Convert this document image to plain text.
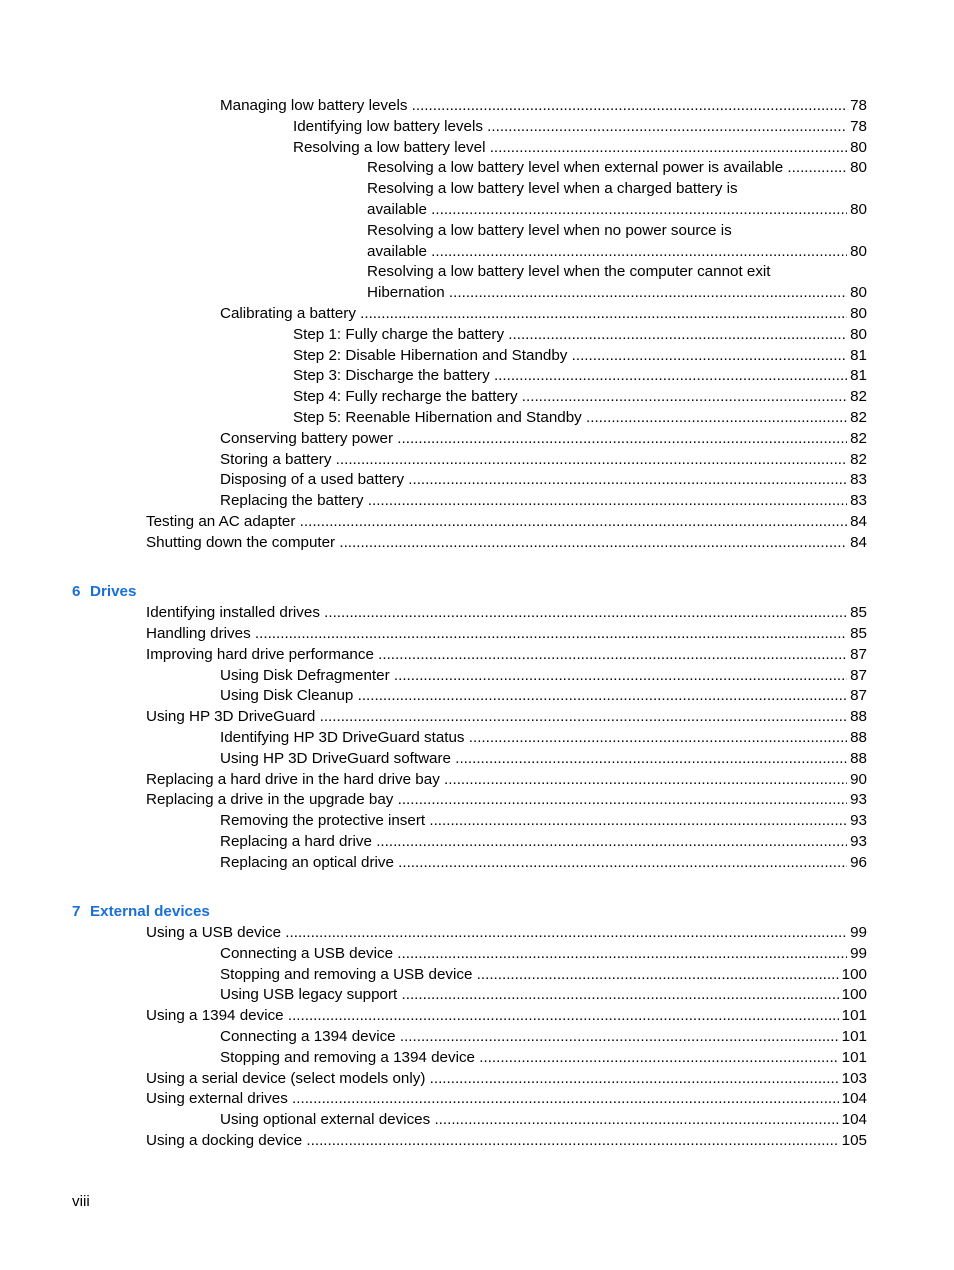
Managing low battery levels .....	78
Identifying low battery levels .....	78
Resolving a low battery level .....	80
Resolving a low battery level when external power is available .....	80
Resolving a low battery level when a charged battery is
available .....	80
Resolving a low battery level when no power source is
available .....	80
Resolving a low battery level when the computer cannot exit
Hibernation .....	80
Calibrating a battery .....	80
Step 1: Fully charge the battery .....	80
Step 2: Disable Hibernation and Standby .....	81
Step 3: Discharge the battery .....	81
Step 4: Fully recharge the battery .....	82
Step 5: Reenable Hibernation and Standby .....	82
Conserving battery power .....	82
Storing a battery .....	82
Disposing of a used battery .....	83
Replacing the battery .....	83
Testing an AC adapter .....	84
Shutting down the computer .....	84
6 Drives
Identifying installed drives .....	85
Handling drives .....	85
Improving hard drive performance .....	87
Using Disk Defragmenter .....	87
Using Disk Cleanup .....	87
Using HP 3D DriveGuard .....	88
Identifying HP 3D DriveGuard status .....	88
Using HP 3D DriveGuard software .....	88
Replacing a hard drive in the hard drive bay .....	90
Replacing a drive in the upgrade bay .....	93
Removing the protective insert .....	93
Replacing a hard drive .....	93
Replacing an optical drive .....	96
7 External devices
Using a USB device .....	99
Connecting a USB device .....	99
Stopping and removing a USB device .....	100
Using USB legacy support .....	100
Using a 1394 device .....	101
Connecting a 1394 device .....	101
Stopping and removing a 1394 device .....	101
Using a serial device (select models only) .....	103
Using external drives .....	104
Using optional external devices .....	104
Using a docking device .....	105
viii
